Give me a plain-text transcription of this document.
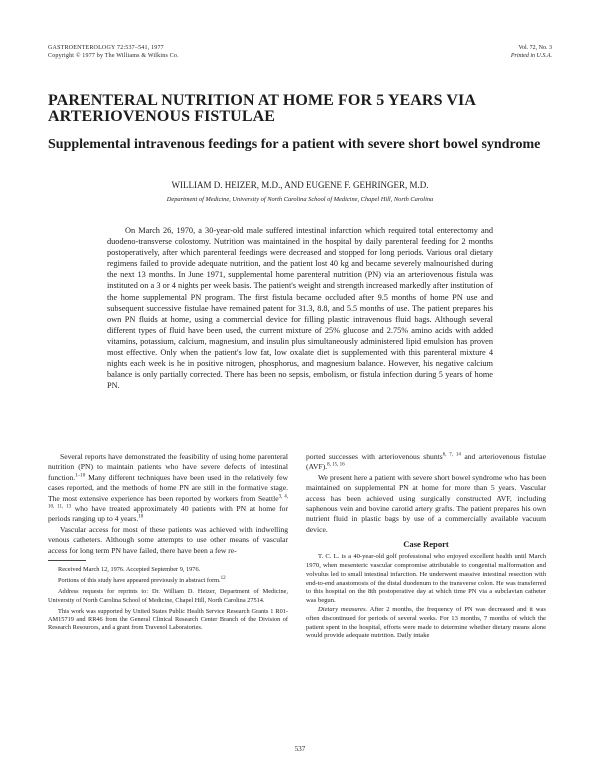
GASTROENTEROLOGY 72:537–541, 1977
Copyright © 1977 by The Williams & Wilkins Co.
Vol. 72, No. 3
Printed in U.S.A.
PARENTERAL NUTRITION AT HOME FOR 5 YEARS VIA ARTERIOVENOUS FISTULAE
Supplemental intravenous feedings for a patient with severe short bowel syndrome

WILLIAM D. HEIZER, M.D., AND EUGENE F. GEHRINGER, M.D.

Department of Medicine, University of North Carolina School of Medicine, Chapel Hill, North Carolina

On March 26, 1970, a 30-year-old male suffered intestinal infarction which required total enterectomy and duodeno-transverse colostomy. Nutrition was maintained in the hospital by daily parenteral feeding for 2 months postoperatively, after which parenteral feedings were decreased and stopped for long periods. Various oral dietary regimens failed to provide adequate nutrition, and the patient lost 40 kg and became severely malnourished during the next 13 months. In June 1971, supplemental home parenteral nutrition (PN) via an arteriovenous fistula was instituted on a 3 or 4 nights per week basis. The patient's weight and strength increased markedly after institution of the home supplemental PN program. The first fistula became occluded after 9.5 months of home PN use and subsequent successive fistulae have remained patent for 31.3, 8.8, and 5.5 months of use. The patient prepares his own PN fluids at home, using a commercial device for filling plastic intravenous fluid bags. Although several different types of fluid have been used, the current mixture of 25% glucose and 2.75% amino acids with added vitamins, potassium, calcium, magnesium, and insulin plus simultaneously administered lipid emulsion has proven most effective. Only when the patient's low fat, low oxalate diet is supplemented with this parenteral mixture 4 nights each week is he in positive nitrogen, phosphorus, and magnesium balance. However, his negative calcium balance is only partially corrected. There has been no sepsis, embolism, or fistula infection during 5 years of home PN.

Several reports have demonstrated the feasibility of using home parenteral nutrition (PN) to maintain patients who have severe defects of intestinal function.$^{1-10}$ Many different techniques have been used in the relatively few cases reported, and the methods of home PN are still in the formative stage. The most extensive experience has been reported by workers from Seattle$^{3, 4, 10, 11, 13}$ who have treated approximately 40 patients with PN at home for periods ranging up to 4 years.$^{10}$

Vascular access for most of these patients was achieved with indwelling venous catheters. Although some attempts to use other means of vascular access for long term PN have failed, there have been a few re-

Received March 12, 1976. Accepted September 9, 1976.

Portions of this study have appeared previously in abstract form.$^{12}$

Address requests for reprints to: Dr. William D. Heizer, Department of Medicine, University of North Carolina School of Medicine, Chapel Hill, North Carolina 27514.

This work was supported by United States Public Health Service Research Grants 1 R01-AM15719 and RR46 from the General Clinical Research Center Branch of the Division of Research Resources, and a grant from Travenol Laboratories.

ported successes with arteriovenous shunts$^{6, 7, 14}$ and arteriovenous fistulae (AVF).$^{8, 15, 16}$

We present here a patient with severe short bowel syndrome who has been maintained on supplemental PN at home for more than 5 years. Vascular access has been achieved using surgically constructed AVF, including saphenous vein and bovine carotid artery grafts. The patient prepares his own nutrient fluid in plastic bags by use of a commercially available vacuum device.

Case Report

T. C. L. is a 40-year-old golf professional who enjoyed excellent health until March 1970, when mesenteric vascular compromise attributable to congenital malformation and volvulus led to small intestinal infarction. He underwent massive intestinal resection with end-to-end anastomosis of the distal duodenum to the transverse colon. He was transferred to this hospital on the 8th postoperative day at which time PN via a subclavian catheter was begun.
Dietary measures. After 2 months, the frequency of PN was decreased and it was often discontinued for periods of several weeks. For 13 months, 7 months of which the patient spent in the hospital, efforts were made to determine whether dietary means alone would provide adequate nutrition. Daily intake

537
